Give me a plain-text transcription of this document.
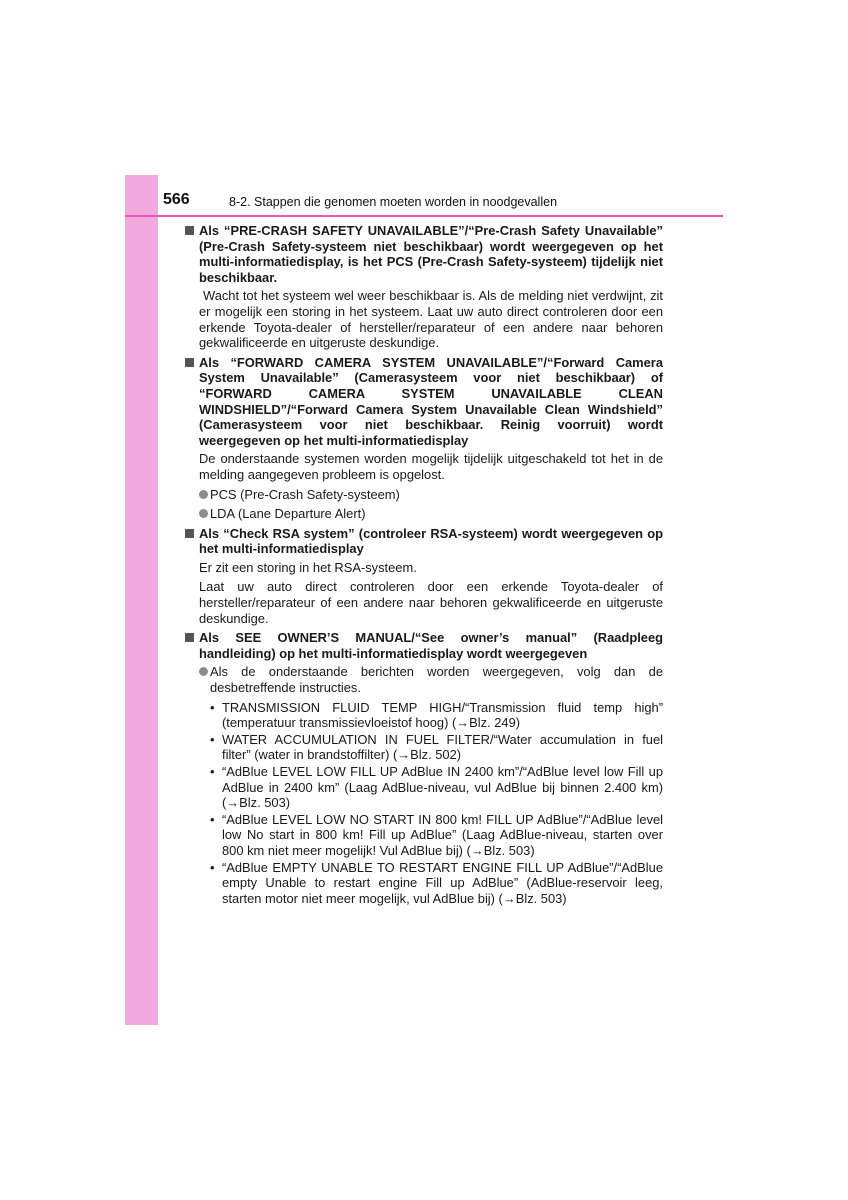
566	8-2. Stappen die genomen moeten worden in noodgevallen
Als “PRE-CRASH SAFETY UNAVAILABLE”/“Pre-Crash Safety Unavailable” (Pre-Crash Safety-systeem niet beschikbaar) wordt weergegeven op het multi-informatiedisplay, is het PCS (Pre-Crash Safety-systeem) tijdelijk niet beschikbaar.

Wacht tot het systeem wel weer beschikbaar is. Als de melding niet verdwijnt, zit er mogelijk een storing in het systeem. Laat uw auto direct controleren door een erkende Toyota-dealer of hersteller/reparateur of een andere naar behoren gekwalificeerde en uitgeruste deskundige.

Als “FORWARD CAMERA SYSTEM UNAVAILABLE”/“Forward Camera System Unavailable” (Camerasysteem voor niet beschikbaar) of “FORWARD CAMERA SYSTEM UNAVAILABLE CLEAN WINDSHIELD”/“Forward Camera System Unavailable Clean Windshield” (Camerasysteem voor niet beschikbaar. Reinig voorruit) wordt weergegeven op het multi-informatiedisplay

De onderstaande systemen worden mogelijk tijdelijk uitgeschakeld tot het in de melding aangegeven probleem is opgelost.

PCS (Pre-Crash Safety-systeem)
LDA (Lane Departure Alert)
Als “Check RSA system” (controleer RSA-systeem) wordt weergegeven op het multi-informatiedisplay

Er zit een storing in het RSA-systeem.

Laat uw auto direct controleren door een erkende Toyota-dealer of hersteller/reparateur of een andere naar behoren gekwalificeerde en uitgeruste deskundige.

Als SEE OWNER’S MANUAL/“See owner’s manual” (Raadpleeg handleiding) op het multi-informatiedisplay wordt weergegeven
Als de onderstaande berichten worden weergegeven, volg dan de desbetreffende instructies.
• TRANSMISSION FLUID TEMP HIGH/“Transmission fluid temp high” (temperatuur transmissievloeistof hoog) (→Blz. 249)
• WATER ACCUMULATION IN FUEL FILTER/“Water accumulation in fuel filter” (water in brandstoffilter) (→Blz. 502)
• “AdBlue LEVEL LOW FILL UP AdBlue IN 2400 km”/“AdBlue level low Fill up AdBlue in 2400 km” (Laag AdBlue-niveau, vul AdBlue bij binnen 2.400 km) (→Blz. 503)
• “AdBlue LEVEL LOW NO START IN 800 km! FILL UP AdBlue”/“AdBlue level low No start in 800 km! Fill up AdBlue” (Laag AdBlue-niveau, starten over 800 km niet meer mogelijk! Vul AdBlue bij) (→Blz. 503)
• “AdBlue EMPTY UNABLE TO RESTART ENGINE FILL UP AdBlue”/“AdBlue empty Unable to restart engine Fill up AdBlue” (AdBlue-reservoir leeg, starten motor niet meer mogelijk, vul AdBlue bij) (→Blz. 503)
